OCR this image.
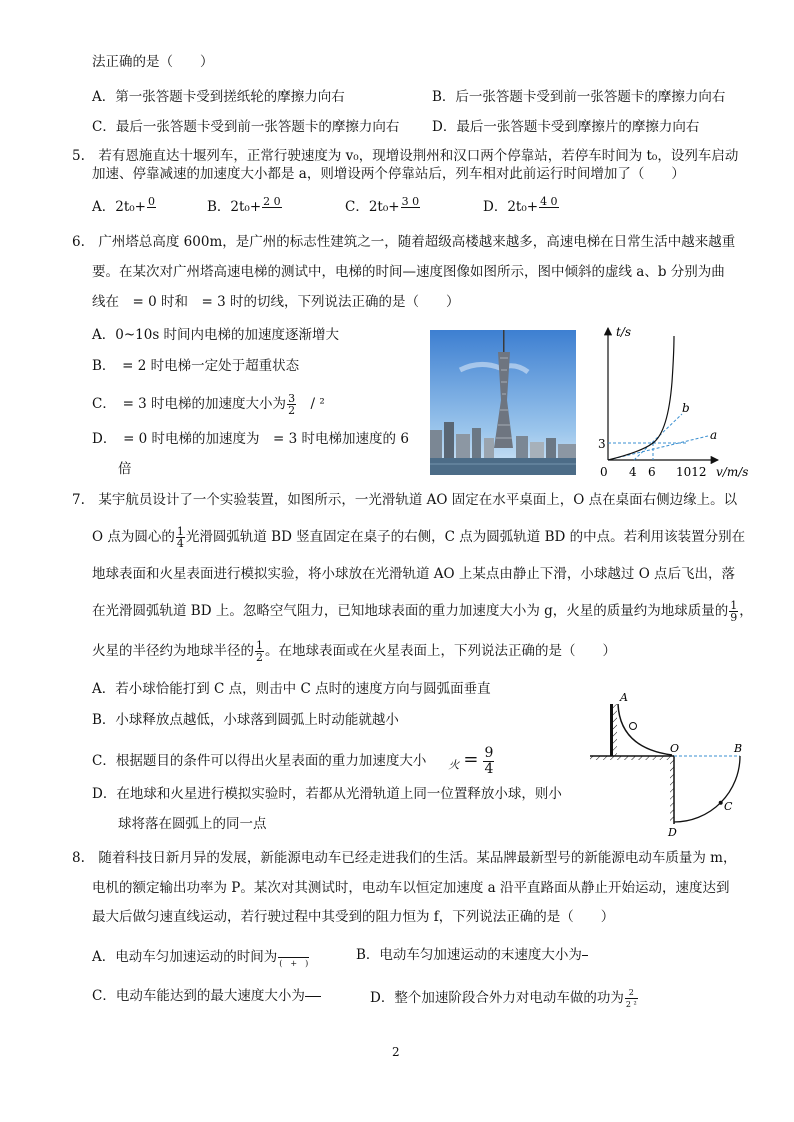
法正确的是（　　）
A．第一张答题卡受到搓纸轮的摩擦力向右	B．后一张答题卡受到前一张答题卡的摩擦力向右
C．最后一张答题卡受到前一张答题卡的摩擦力向右 D．最后一张答题卡受到摩擦片的摩擦力向右
5.　若有恩施直达十堰列车，正常行驶速度为 v₀，现增设荆州和汉口两个停靠站，若停车时间为 t₀，设列车启动
加速、停靠减速的加速度大小都是 a，则增设两个停靠站后，列车相对此前运行时间增加了（　　）
A．2t₀+ 0
	B．2t₀+ 2 0
	C．2t₀+ 3 0
	D．2t₀+ 4 0

6.　广州塔总高度 600m，是广州的标志性建筑之一，随着超级高楼越来越多，高速电梯在日常生活中越来越重
要。在某次对广州塔高速电梯的测试中，电梯的时间—速度图像如图所示，图中倾斜的虚线 a、b 分别为曲
线在　= 0 时和　= 3 时的切线，下列说法正确的是（　　）
A．0~10s 时间内电梯的加速度逐渐增大
B．　= 2 时电梯一定处于超重状态
C．　= 3 时电梯的加速度大小为 $\frac{3}{2}$ 　/ ²
D．　= 0 时电梯的加速度为　= 3 时电梯加速度的 6
倍
t/s
v/m/s
3
0 4 6 1012
a
b
7.　某宇航员设计了一个实验装置，如图所示，一光滑轨道 AO 固定在水平桌面上，O 点在桌面右侧边缘上。以
O 点为圆心的 $\frac{1}{4}$ 光滑圆弧轨道 BD 竖直固定在桌子的右侧，C 点为圆弧轨道 BD 的中点。若利用该装置分别在
地球表面和火星表面进行模拟实验，将小球放在光滑轨道 AO 上某点由静止下滑，小球越过 O 点后飞出，落
在光滑圆弧轨道 BD 上。忽略空气阻力，已知地球表面的重力加速度大小为 g，火星的质量约为地球质量的 $\frac{1}{9}$ ，
火星的半径约为地球半径的 $\frac{1}{2}$ 。在地球表面或在火星表面上，下列说法正确的是（　　）
A．若小球恰能打到 C 点，则击中 C 点时的速度方向与圆弧面垂直
B．小球释放点越低，小球落到圆弧上时动能就越小
C．根据题目的条件可以得出火星表面的重力加速度大小 $_火 = \frac{9}{4}$
D．在地球和火星进行模拟实验时，若都从光滑轨道上同一位置释放小球，则小
球将落在圆弧上的同一点
A
O	B
C
D
8.　随着科技日新月异的发展，新能源电动车已经走进我们的生活。某品牌最新型号的新能源电动车质量为 m，
电机的额定输出功率为 P。某次对其测试时，电动车以恒定加速度 a 沿平直路面从静止开始运动，速度达到
最大后做匀速直线运动，若行驶过程中其受到的阻力恒为 f，下列说法正确的是（　　）
A．电动车匀加速运动的时间为
(　+　)
B．电动车匀加速运动的末速度大小为
C．电动车能达到的最大速度大小为	D．整个加速阶段合外力对电动车做的功为 $\frac{2}{\text{2 ²}}$
2
